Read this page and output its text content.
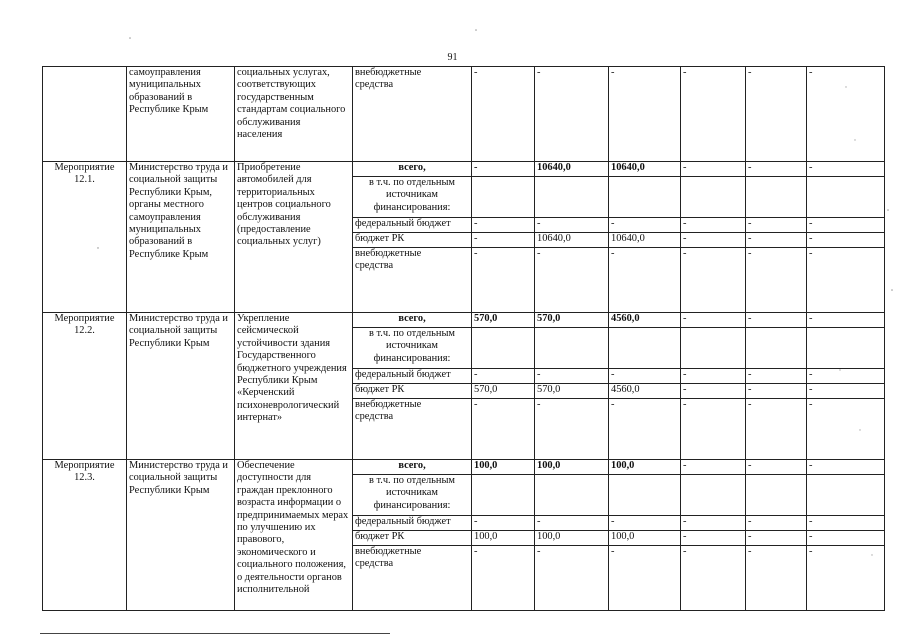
91

	самоуправления муниципальных образований в Республике Крым	социальных услугах, соответствующих государственным стандартам социального обслуживания населения	внебюджетные средства	-	-	-	-	-	-

Мероприятие 12.1.	Министерство труда и социальной защиты Республики Крым, органы местного самоуправления муниципальных образований в Республике Крым	Приобретение автомобилей для территориальных центров социального обслуживания (предоставление социальных услуг)	всего,	-	10640,0	10640,0	-	-	-

			в т.ч. по отдельным источникам финансирования:						

			федеральный бюджет	-	-	-	-	-	-
			бюджет РК	-	10640,0	10640,0	-	-	-

			внебюджетные средства	-	-	-	-	-	-

Мероприятие 12.2.	Министерство труда и социальной защиты Республики Крым	Укрепление сейсмической устойчивости здания Государственного бюджетного учреждения Республики Крым «Керченский психоневрологический интернат»	всего,	570,0	570,0	4560,0	-	-	-

			в т.ч. по отдельным источникам финансирования:						

			федеральный бюджет	-	-	-	-	-	-
			бюджет РК	570,0	570,0	4560,0	-	-	-

			внебюджетные средства	-	-	-	-	-	-

Мероприятие 12.3.	Министерство труда и социальной защиты Республики Крым	Обеспечение доступности для граждан преклонного возраста информации о предпринимаемых мерах по улучшению их правового, экономического и социального положения, о деятельности органов исполнительной	всего,	100,0	100,0	100,0	-	-	-

			в т.ч. по отдельным источникам финансирования:						

			федеральный бюджет	-	-	-	-	-	-
			бюджет РК	100,0	100,0	100,0	-	-	-

			внебюджетные средства	-	-	-	-	-	-
